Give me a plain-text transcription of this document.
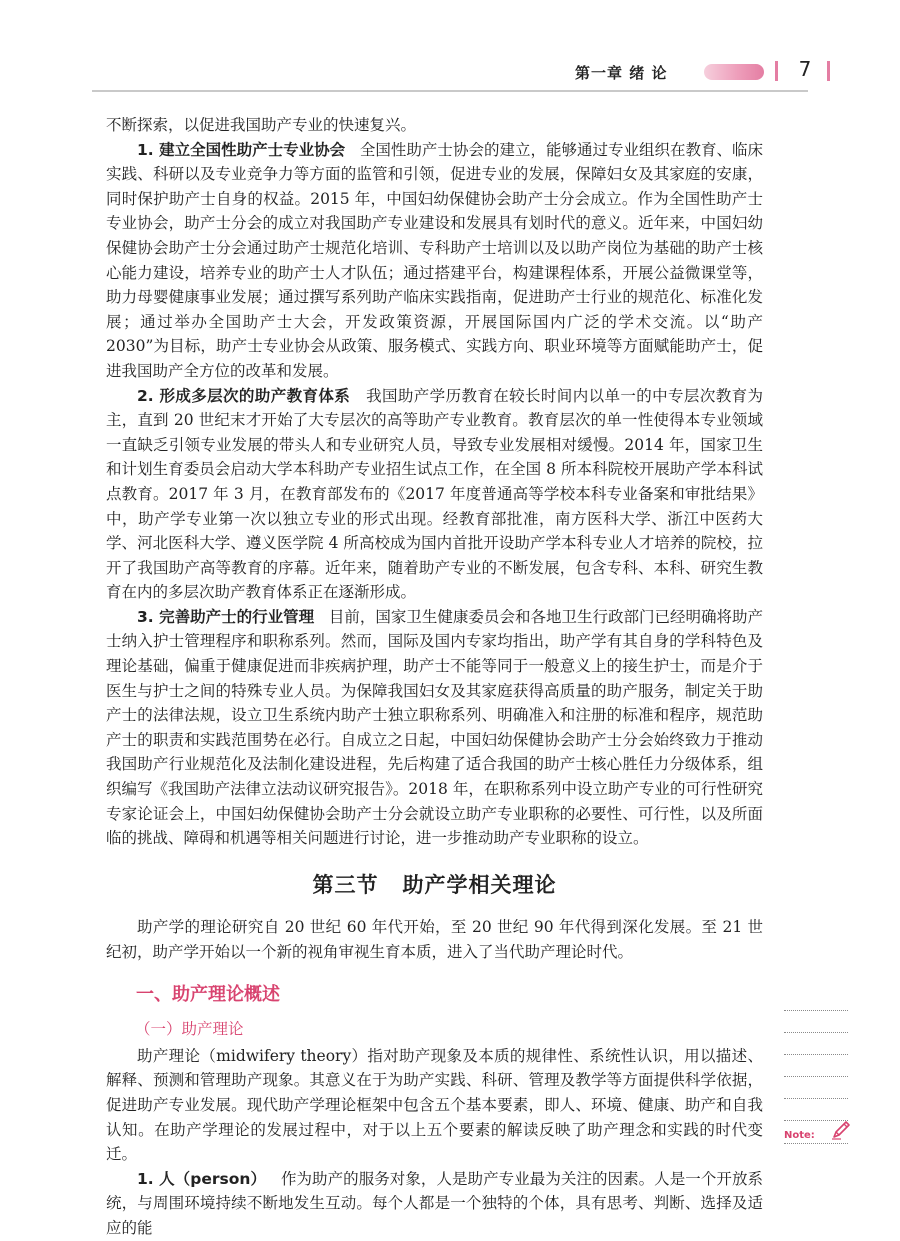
第一章 绪 论	7

不断探索，以促进我国助产专业的快速复兴。

1. 建立全国性助产士专业协会 全国性助产士协会的建立，能够通过专业组织在教育、临床实践、科研以及专业竞争力等方面的监管和引领，促进专业的发展，保障妇女及其家庭的安康，同时保护助产士自身的权益。2015 年，中国妇幼保健协会助产士分会成立。作为全国性助产士专业协会，助产士分会的成立对我国助产专业建设和发展具有划时代的意义。近年来，中国妇幼保健协会助产士分会通过助产士规范化培训、专科助产士培训以及以助产岗位为基础的助产士核心能力建设，培养专业的助产士人才队伍；通过搭建平台，构建课程体系，开展公益微课堂等，助力母婴健康事业发展；通过撰写系列助产临床实践指南，促进助产士行业的规范化、标准化发展；通过举办全国助产士大会，开发政策资源，开展国际国内广泛的学术交流。以“助产 2030”为目标，助产士专业协会从政策、服务模式、实践方向、职业环境等方面赋能助产士，促进我国助产全方位的改革和发展。

2. 形成多层次的助产教育体系 我国助产学历教育在较长时间内以单一的中专层次教育为主，直到 20 世纪末才开始了大专层次的高等助产专业教育。教育层次的单一性使得本专业领域一直缺乏引领专业发展的带头人和专业研究人员，导致专业发展相对缓慢。2014 年，国家卫生和计划生育委员会启动大学本科助产专业招生试点工作，在全国 8 所本科院校开展助产学本科试点教育。2017 年 3 月，在教育部发布的《2017 年度普通高等学校本科专业备案和审批结果》中，助产学专业第一次以独立专业的形式出现。经教育部批准，南方医科大学、浙江中医药大学、河北医科大学、遵义医学院 4 所高校成为国内首批开设助产学本科专业人才培养的院校，拉开了我国助产高等教育的序幕。近年来，随着助产专业的不断发展，包含专科、本科、研究生教育在内的多层次助产教育体系正在逐渐形成。

3. 完善助产士的行业管理 目前，国家卫生健康委员会和各地卫生行政部门已经明确将助产士纳入护士管理程序和职称系列。然而，国际及国内专家均指出，助产学有其自身的学科特色及理论基础，偏重于健康促进而非疾病护理，助产士不能等同于一般意义上的接生护士，而是介于医生与护士之间的特殊专业人员。为保障我国妇女及其家庭获得高质量的助产服务，制定关于助产士的法律法规，设立卫生系统内助产士独立职称系列、明确准入和注册的标准和程序，规范助产士的职责和实践范围势在必行。自成立之日起，中国妇幼保健协会助产士分会始终致力于推动我国助产行业规范化及法制化建设进程，先后构建了适合我国的助产士核心胜任力分级体系，组织编写《我国助产法律立法动议研究报告》。2018 年，在职称系列中设立助产专业的可行性研究专家论证会上，中国妇幼保健协会助产士分会就设立助产专业职称的必要性、可行性，以及所面临的挑战、障碍和机遇等相关问题进行讨论，进一步推动助产专业职称的设立。

第三节 助产学相关理论

助产学的理论研究自 20 世纪 60 年代开始，至 20 世纪 90 年代得到深化发展。至 21 世纪初，助产学开始以一个新的视角审视生育本质，进入了当代助产理论时代。

一、助产理论概述
（一）助产理论

助产理论（midwifery theory）指对助产现象及本质的规律性、系统性认识，用以描述、解释、预测和管理助产现象。其意义在于为助产实践、科研、管理及教学等方面提供科学依据，促进助产专业发展。现代助产学理论框架中包含五个基本要素，即人、环境、健康、助产和自我认知。在助产学理论的发展过程中，对于以上五个要素的解读反映了助产理念和实践的时代变迁。

1. 人（person） 作为助产的服务对象，人是助产专业最为关注的因素。人是一个开放系统，与周围环境持续不断地发生互动。每个人都是一个独特的个体，具有思考、判断、选择及适应的能

Note:
